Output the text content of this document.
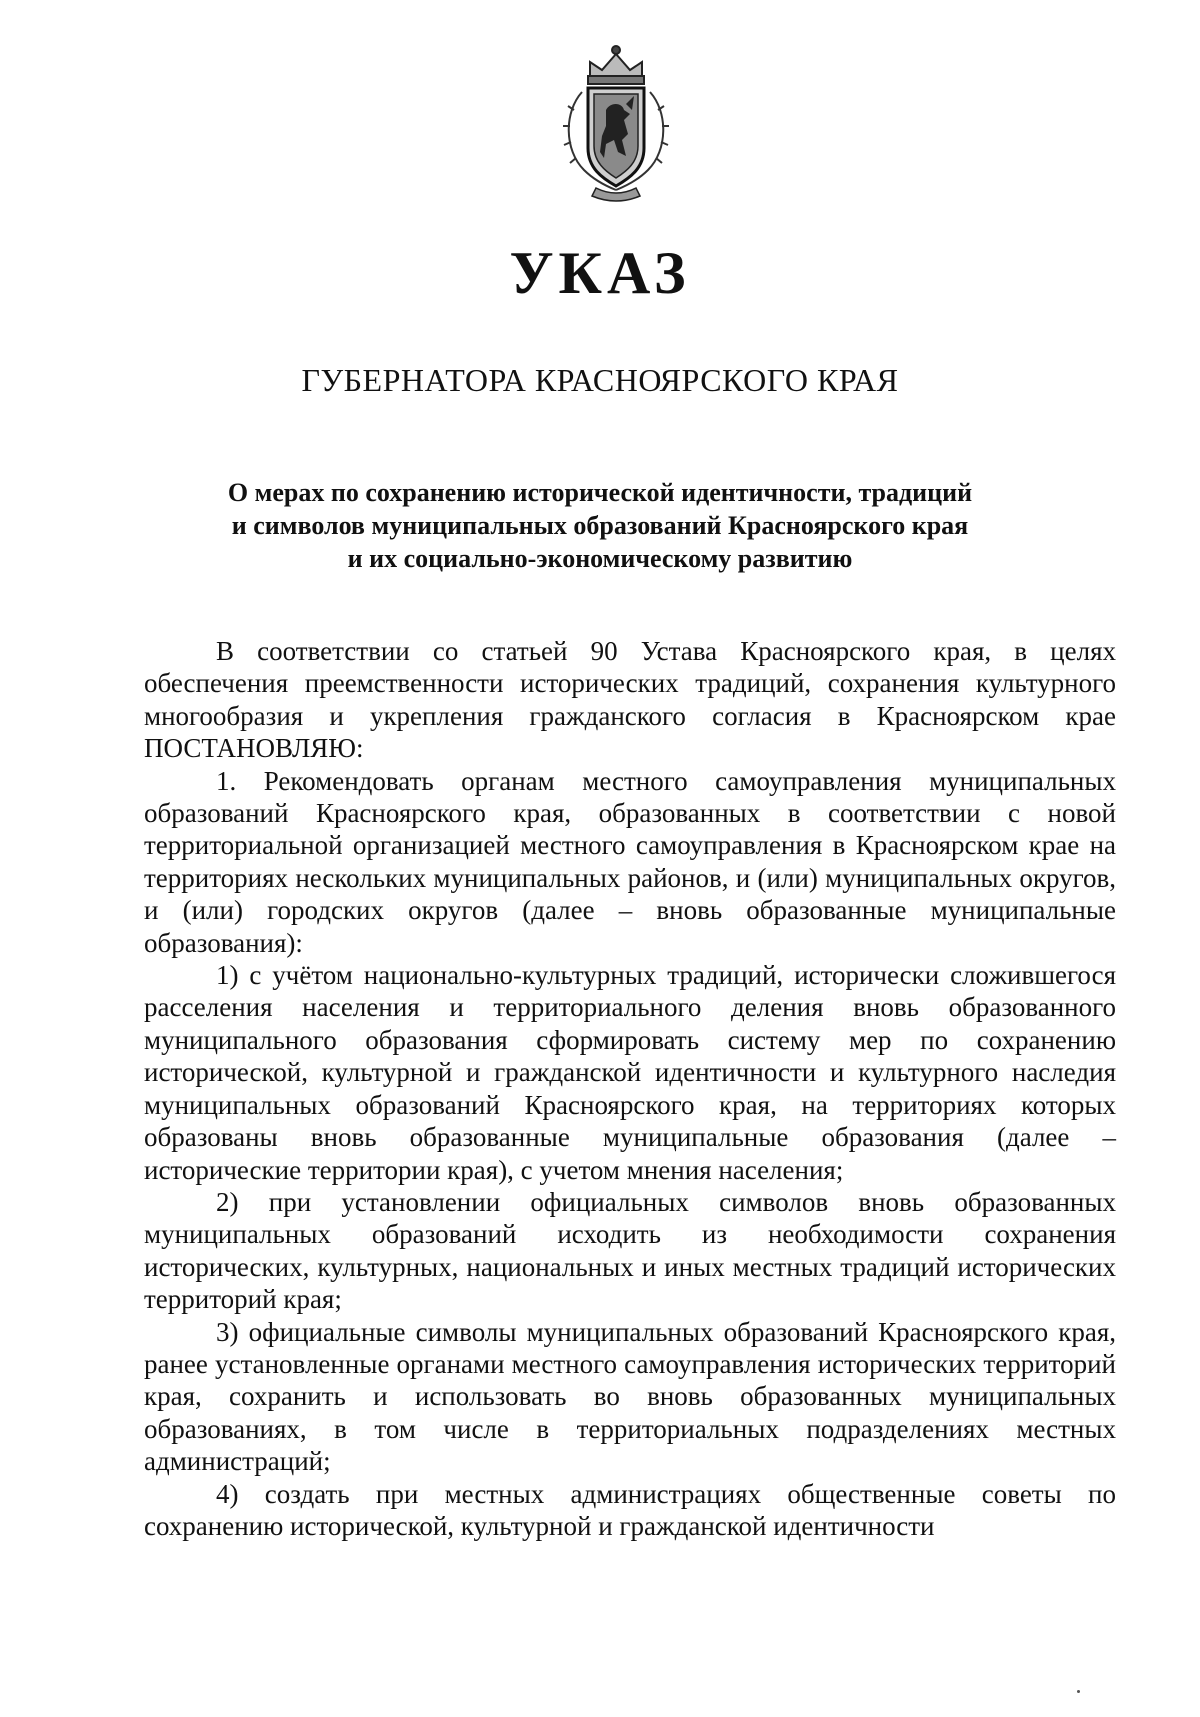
УКАЗ
ГУБЕРНАТОРА КРАСНОЯРСКОГО КРАЯ
О мерах по сохранению исторической идентичности, традиций
и символов муниципальных образований Красноярского края
и их социально-экономическому развитию

В соответствии со статьей 90 Устава Красноярского края, в целях обеспечения преемственности исторических традиций, сохранения культурного многообразия и укрепления гражданского согласия в Красноярском крае ПОСТАНОВЛЯЮ:

1. Рекомендовать органам местного самоуправления муниципальных образований Красноярского края, образованных в соответствии с новой территориальной организацией местного самоуправления в Красноярском крае на территориях нескольких муниципальных районов, и (или) муниципальных округов, и (или) городских округов (далее – вновь образованные муниципальные образования):

1) с учётом национально-культурных традиций, исторически сложившегося расселения населения и территориального деления вновь образованного муниципального образования сформировать систему мер по сохранению исторической, культурной и гражданской идентичности и культурного наследия муниципальных образований Красноярского края, на территориях которых образованы вновь образованные муниципальные образования (далее – исторические территории края), с учетом мнения населения;

2) при установлении официальных символов вновь образованных муниципальных образований исходить из необходимости сохранения исторических, культурных, национальных и иных местных традиций исторических территорий края;

3) официальные символы муниципальных образований Красноярского края, ранее установленные органами местного самоуправления исторических территорий края, сохранить и использовать во вновь образованных муниципальных образованиях, в том числе в территориальных подразделениях местных администраций;

4) создать при местных администрациях общественные советы по сохранению исторической, культурной и гражданской идентичности
